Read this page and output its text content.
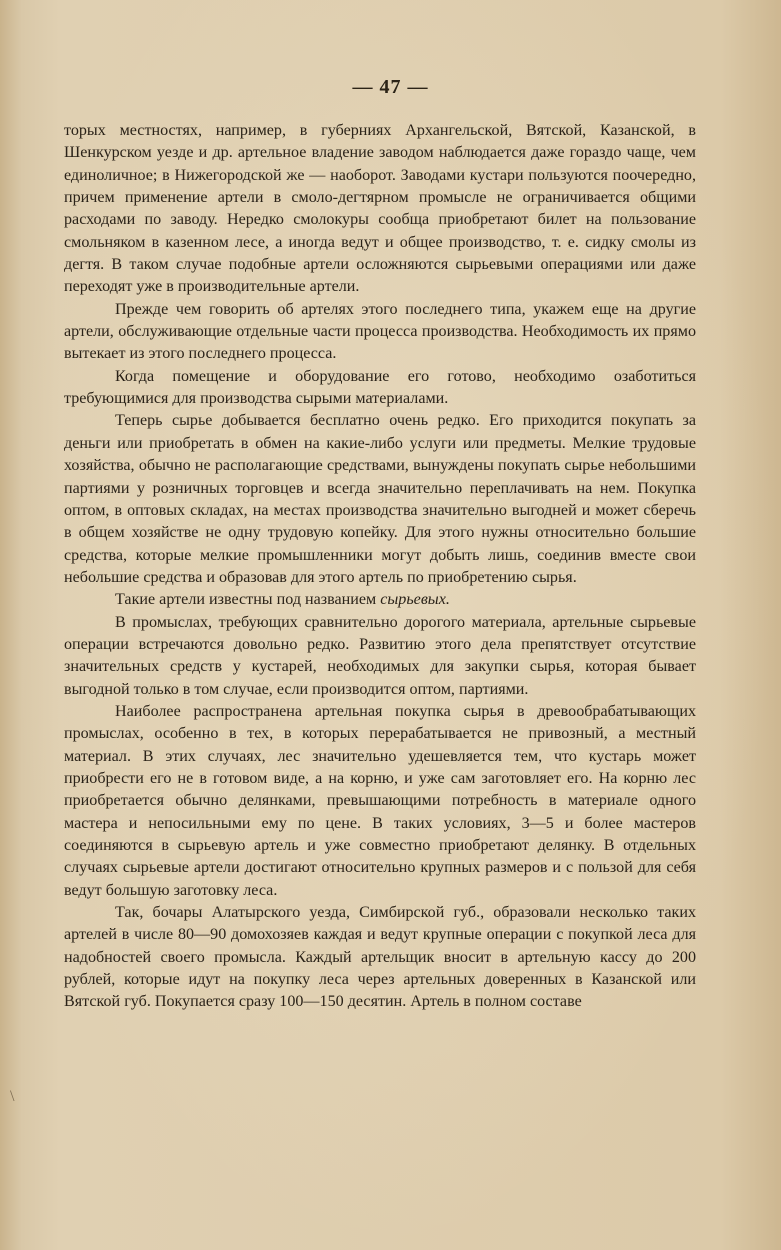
— 47 —

торых местностях, например, в губерниях Архангельской, Вятской, Казанской, в Шенкурском уезде и др. артельное владение заводом наблюдается даже гораздо чаще, чем единоличное; в Нижегородской же — наоборот. Заводами кустари пользуются поочередно, причем применение артели в смоло-дегтярном промысле не ограничивается общими расходами по заводу. Нередко смолокуры сообща приобретают билет на пользование смольняком в казенном лесе, а иногда ведут и общее производство, т. е. сидку смолы из дегтя. В таком случае подобные артели осложняются сырьевыми операциями или даже переходят уже в производительные артели.

Прежде чем говорить об артелях этого последнего типа, укажем еще на другие артели, обслуживающие отдельные части процесса производства. Необходимость их прямо вытекает из этого последнего процесса.

Когда помещение и оборудование его готово, необходимо озаботиться требующимися для производства сырыми материалами.

Теперь сырье добывается бесплатно очень редко. Его приходится покупать за деньги или приобретать в обмен на какие-либо услуги или предметы. Мелкие трудовые хозяйства, обычно не располагающие средствами, вынуждены покупать сырье небольшими партиями у розничных торговцев и всегда значительно переплачивать на нем. Покупка оптом, в оптовых складах, на местах производства значительно выгодней и может сберечь в общем хозяйстве не одну трудовую копейку. Для этого нужны относительно большие средства, которые мелкие промышленники могут добыть лишь, соединив вместе свои небольшие средства и образовав для этого артель по приобретению сырья.

Такие артели известны под названием сырьевых.

В промыслах, требующих сравнительно дорогого материала, артельные сырьевые операции встречаются довольно редко. Развитию этого дела препятствует отсутствие значительных средств у кустарей, необходимых для закупки сырья, которая бывает выгодной только в том случае, если производится оптом, партиями.

Наиболее распространена артельная покупка сырья в древообрабатывающих промыслах, особенно в тех, в которых перерабатывается не привозный, а местный материал. В этих случаях, лес значительно удешевляется тем, что кустарь может приобрести его не в готовом виде, а на корню, и уже сам заготовляет его. На корню лес приобретается обычно делянками, превышающими потребность в материале одного мастера и непосильными ему по цене. В таких условиях, 3—5 и более мастеров соединяются в сырьевую артель и уже совместно приобретают делянку. В отдельных случаях сырьевые артели достигают относительно крупных размеров и с пользой для себя ведут большую заготовку леса.

Так, бочары Алатырского уезда, Симбирской губ., образовали несколько таких артелей в числе 80—90 домохозяев каждая и ведут крупные операции с покупкой леса для надобностей своего промысла. Каждый артельщик вносит в артельную кассу до 200 рублей, которые идут на покупку леса через артельных доверенных в Казанской или Вятской губ. Покупается сразу 100—150 десятин. Артель в полном составе

\
